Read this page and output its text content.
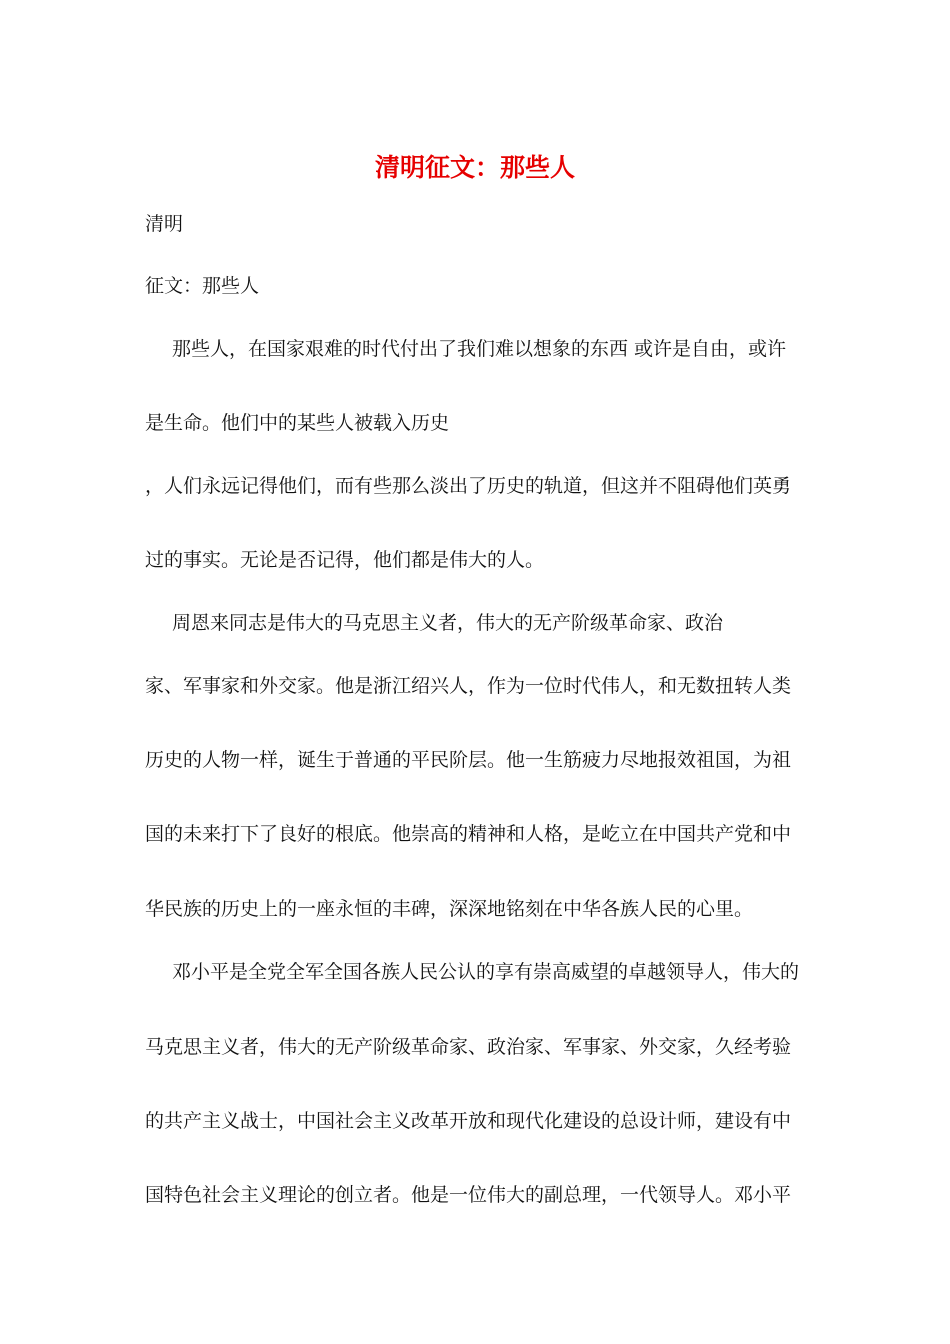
清明征文：那些人
清明
征文：那些人
那些人，在国家艰难的时代付出了我们难以想象的东西 或许是自由，或许
是生命。他们中的某些人被载入历史
，人们永远记得他们，而有些那么淡出了历史的轨道，但这并不阻碍他们英勇
过的事实。无论是否记得，他们都是伟大的人。
周恩来同志是伟大的马克思主义者，伟大的无产阶级革命家、政治
家、军事家和外交家。他是浙江绍兴人，作为一位时代伟人，和无数扭转人类
历史的人物一样，诞生于普通的平民阶层。他一生筋疲力尽地报效祖国，为祖
国的未来打下了良好的根底。他崇高的精神和人格，是屹立在中国共产党和中
华民族的历史上的一座永恒的丰碑，深深地铭刻在中华各族人民的心里。
邓小平是全党全军全国各族人民公认的享有崇高威望的卓越领导人，伟大的
马克思主义者，伟大的无产阶级革命家、政治家、军事家、外交家，久经考验
的共产主义战士，中国社会主义改革开放和现代化建设的总设计师，建设有中
国特色社会主义理论的创立者。他是一位伟大的副总理，一代领导人。邓小平
